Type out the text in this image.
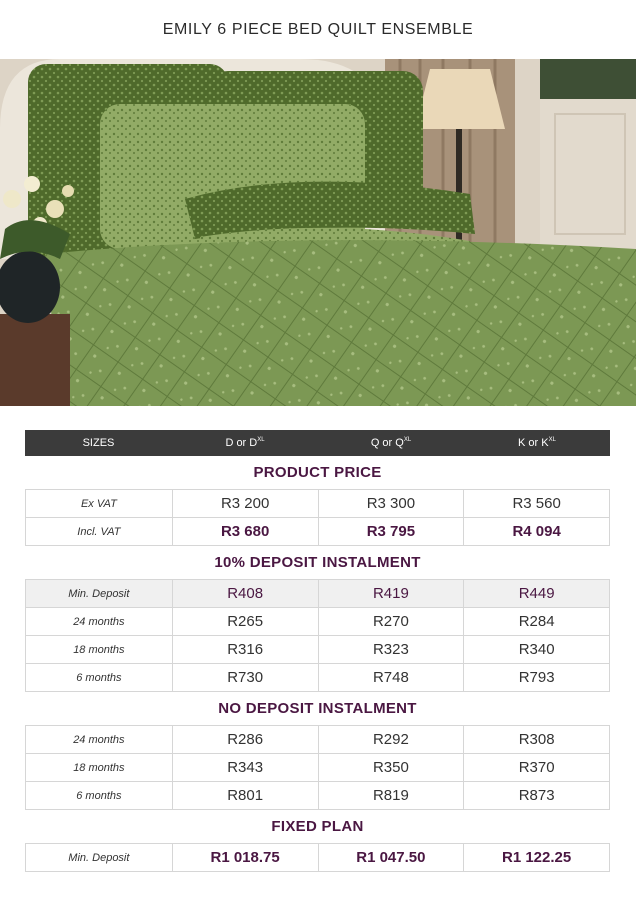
EMILY 6 PIECE BED QUILT ENSEMBLE
SIZES	D or $D^{XL}$	Q or $Q^{XL}$	K or $K^{XL}$
PRODUCT PRICE
Ex VAT	R3 200	R3 300	R3 560
Incl. VAT	R3 680	R3 795	R4 094
10% DEPOSIT INSTALMENT
Min. Deposit	R408	R419	R449
24 months	R265	R270	R284
18 months	R316	R323	R340
6 months	R730	R748	R793
NO DEPOSIT INSTALMENT
24 months	R286	R292	R308
18 months	R343	R350	R370
6 months	R801	R819	R873
FIXED PLAN
Min. Deposit	R1 018.75	R1 047.50	R1 122.25
